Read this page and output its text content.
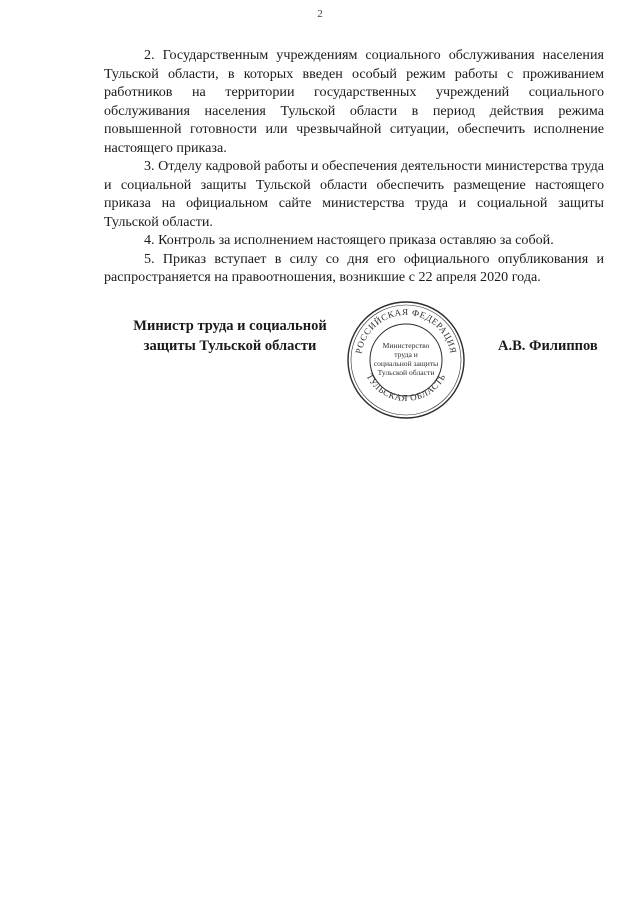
2

2. Государственным учреждениям социального обслуживания населения Тульской области, в которых введен особый режим работы с проживанием работников на территории государственных учреждений социального обслуживания населения Тульской области в период действия режима повышенной готовности или чрезвычайной ситуации, обеспечить исполнение настоящего приказа.

3. Отделу кадровой работы и обеспечения деятельности министерства труда и социальной защиты Тульской области обеспечить размещение настоящего приказа на официальном сайте министерства труда и социальной защиты Тульской области.

4. Контроль за исполнением настоящего приказа оставляю за собой.

5. Приказ вступает в силу со дня его официального опубликования и распространяется на правоотношения, возникшие с 22 апреля 2020 года.

Министр труда и социальной
защиты Тульской области	РОССИЙСКАЯ ФЕДЕРАЦИЯ
ТУЛЬСКАЯ ОБЛАСТЬ
Министерство
труда и
социальной защиты
Тульской области
А.В. Филиппов
